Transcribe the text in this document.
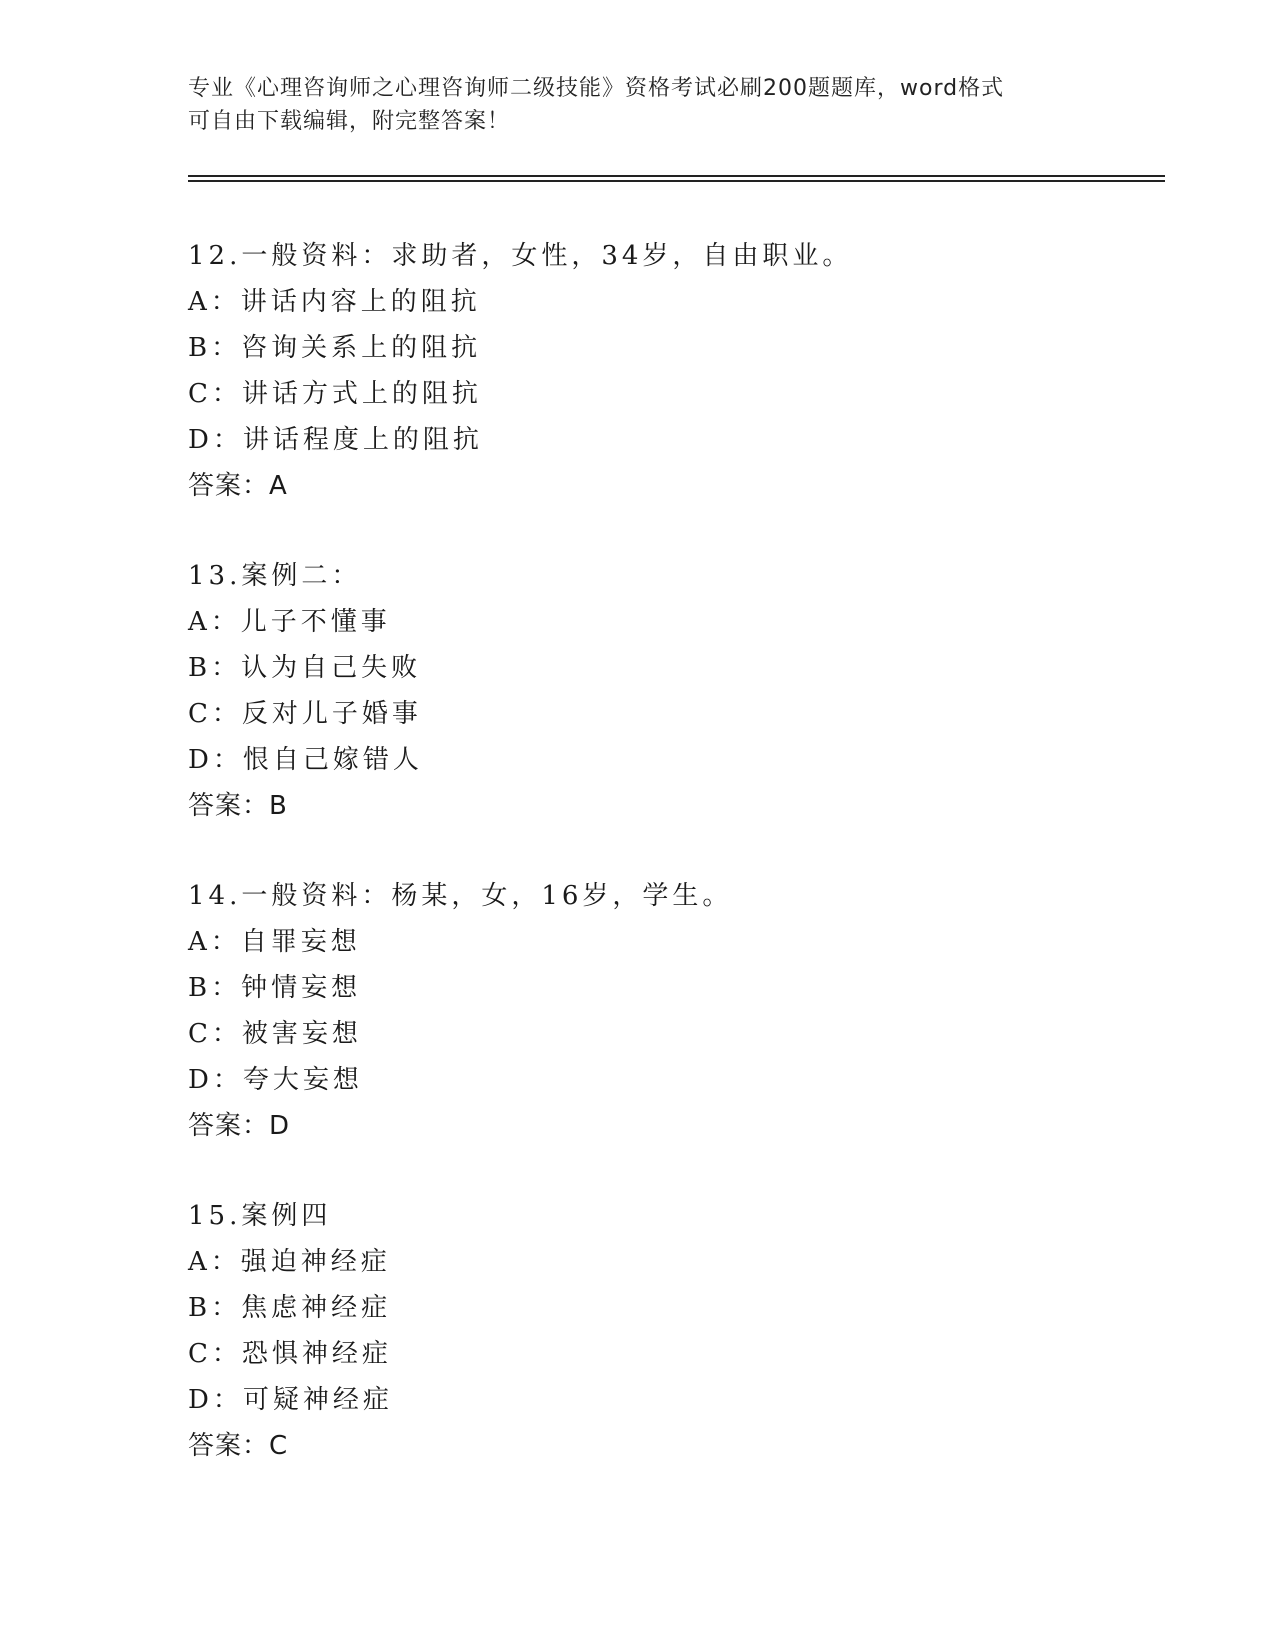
专业《心理咨询师之心理咨询师二级技能》资格考试必刷200题题库，word格式
可自由下载编辑，附完整答案！
12.一般资料：求助者，女性，34岁，自由职业。
A：讲话内容上的阻抗
B：咨询关系上的阻抗
C：讲话方式上的阻抗
D：讲话程度上的阻抗
答案：A
13.案例二：
A：儿子不懂事
B：认为自己失败
C：反对儿子婚事
D：恨自己嫁错人
答案：B
14.一般资料：杨某，女，16岁，学生。
A：自罪妄想
B：钟情妄想
C：被害妄想
D：夸大妄想
答案：D
15.案例四
A：强迫神经症
B：焦虑神经症
C：恐惧神经症
D：可疑神经症
答案：C
